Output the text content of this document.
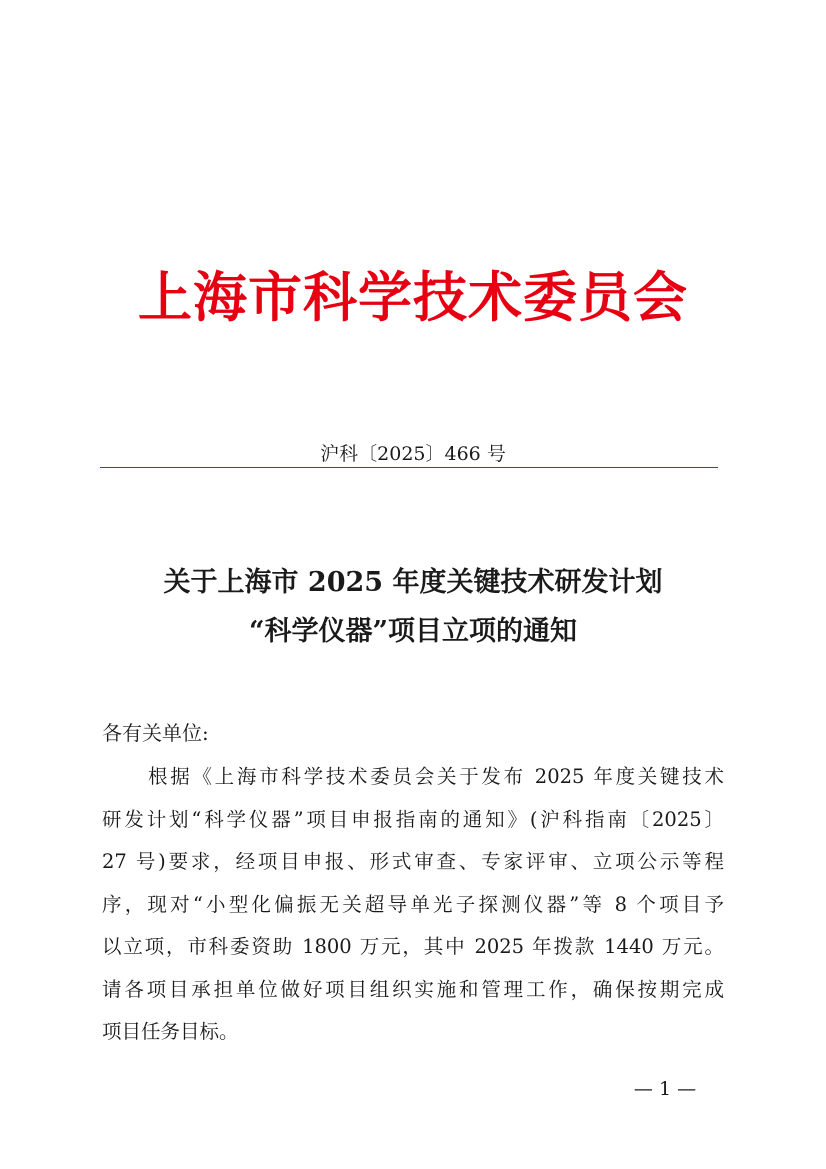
上海市科学技术委员会
沪科〔2025〕466 号
关于上海市 2025 年度关键技术研发计划
“科学仪器”项目立项的通知
各有关单位:
根据《上海市科学技术委员会关于发布 2025 年度关键技术
研发计划“科学仪器”项目申报指南的通知》(沪科指南〔2025〕
27 号)要求，经项目申报、形式审查、专家评审、立项公示等程
序，现对“小型化偏振无关超导单光子探测仪器”等 8 个项目予
以立项，市科委资助 1800 万元，其中 2025 年拨款 1440 万元。
请各项目承担单位做好项目组织实施和管理工作，确保按期完成
项目任务目标。
— 1 —
